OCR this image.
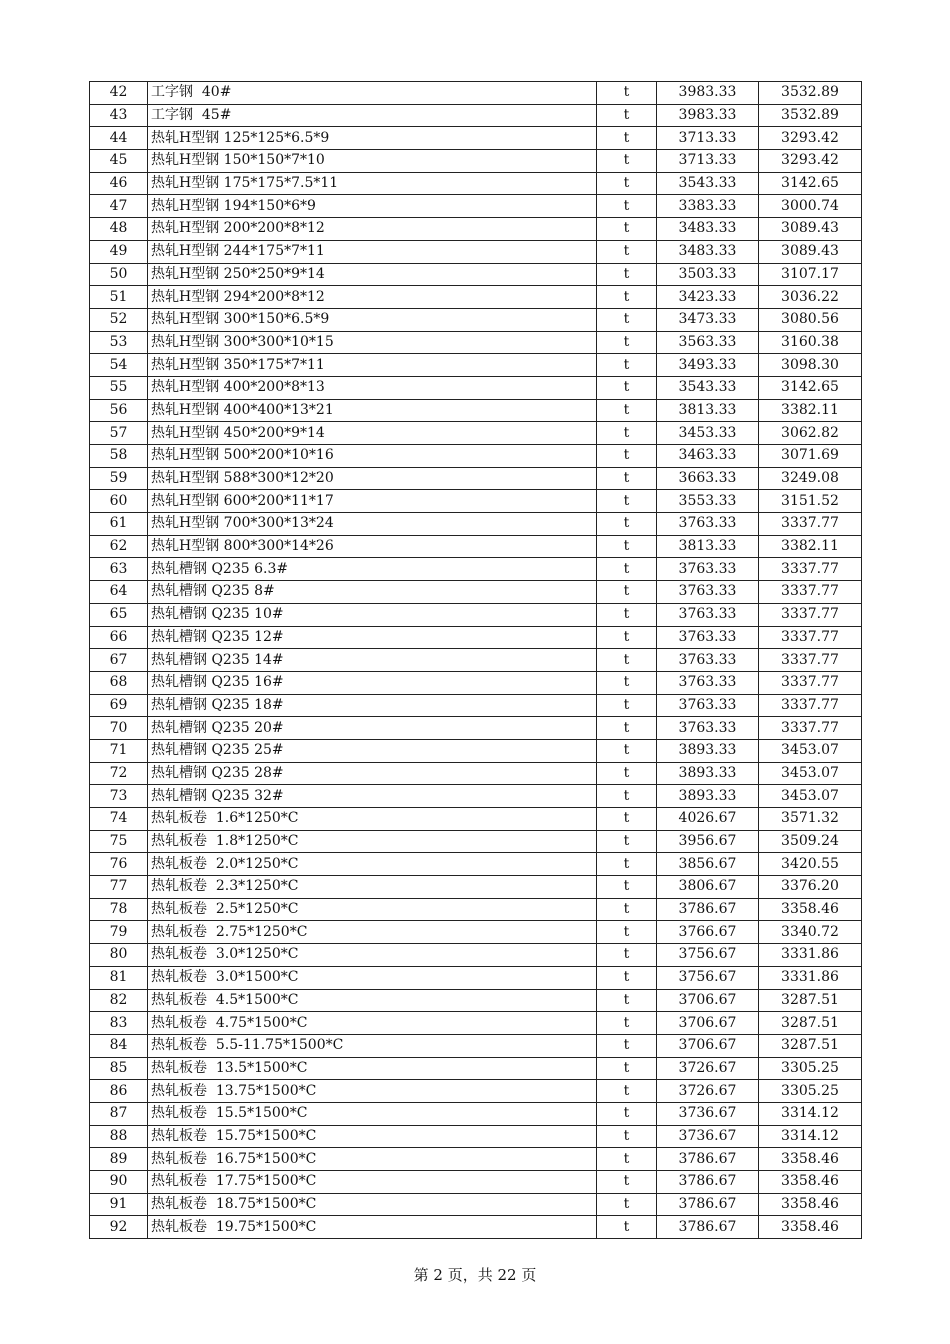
42	工字钢  40#	t	3983.33	3532.89
43	工字钢  45#	t	3983.33	3532.89
44	热轧H型钢 125*125*6.5*9	t	3713.33	3293.42
45	热轧H型钢 150*150*7*10	t	3713.33	3293.42
46	热轧H型钢 175*175*7.5*11	t	3543.33	3142.65
47	热轧H型钢 194*150*6*9	t	3383.33	3000.74
48	热轧H型钢 200*200*8*12	t	3483.33	3089.43
49	热轧H型钢 244*175*7*11	t	3483.33	3089.43
50	热轧H型钢 250*250*9*14	t	3503.33	3107.17
51	热轧H型钢 294*200*8*12	t	3423.33	3036.22
52	热轧H型钢 300*150*6.5*9	t	3473.33	3080.56
53	热轧H型钢 300*300*10*15	t	3563.33	3160.38
54	热轧H型钢 350*175*7*11	t	3493.33	3098.30
55	热轧H型钢 400*200*8*13	t	3543.33	3142.65
56	热轧H型钢 400*400*13*21	t	3813.33	3382.11
57	热轧H型钢 450*200*9*14	t	3453.33	3062.82
58	热轧H型钢 500*200*10*16	t	3463.33	3071.69
59	热轧H型钢 588*300*12*20	t	3663.33	3249.08
60	热轧H型钢 600*200*11*17	t	3553.33	3151.52
61	热轧H型钢 700*300*13*24	t	3763.33	3337.77
62	热轧H型钢 800*300*14*26	t	3813.33	3382.11
63	热轧槽钢 Q235 6.3#	t	3763.33	3337.77
64	热轧槽钢 Q235 8#	t	3763.33	3337.77
65	热轧槽钢 Q235 10#	t	3763.33	3337.77
66	热轧槽钢 Q235 12#	t	3763.33	3337.77
67	热轧槽钢 Q235 14#	t	3763.33	3337.77
68	热轧槽钢 Q235 16#	t	3763.33	3337.77
69	热轧槽钢 Q235 18#	t	3763.33	3337.77
70	热轧槽钢 Q235 20#	t	3763.33	3337.77
71	热轧槽钢 Q235 25#	t	3893.33	3453.07
72	热轧槽钢 Q235 28#	t	3893.33	3453.07
73	热轧槽钢 Q235 32#	t	3893.33	3453.07
74	热轧板卷  1.6*1250*C	t	4026.67	3571.32
75	热轧板卷  1.8*1250*C	t	3956.67	3509.24
76	热轧板卷  2.0*1250*C	t	3856.67	3420.55
77	热轧板卷  2.3*1250*C	t	3806.67	3376.20
78	热轧板卷  2.5*1250*C	t	3786.67	3358.46
79	热轧板卷  2.75*1250*C	t	3766.67	3340.72
80	热轧板卷  3.0*1250*C	t	3756.67	3331.86
81	热轧板卷  3.0*1500*C	t	3756.67	3331.86
82	热轧板卷  4.5*1500*C	t	3706.67	3287.51
83	热轧板卷  4.75*1500*C	t	3706.67	3287.51
84	热轧板卷  5.5-11.75*1500*C	t	3706.67	3287.51
85	热轧板卷  13.5*1500*C	t	3726.67	3305.25
86	热轧板卷  13.75*1500*C	t	3726.67	3305.25
87	热轧板卷  15.5*1500*C	t	3736.67	3314.12
88	热轧板卷  15.75*1500*C	t	3736.67	3314.12
89	热轧板卷  16.75*1500*C	t	3786.67	3358.46
90	热轧板卷  17.75*1500*C	t	3786.67	3358.46
91	热轧板卷  18.75*1500*C	t	3786.67	3358.46
92	热轧板卷  19.75*1500*C	t	3786.67	3358.46
第 2 页，共 22 页
